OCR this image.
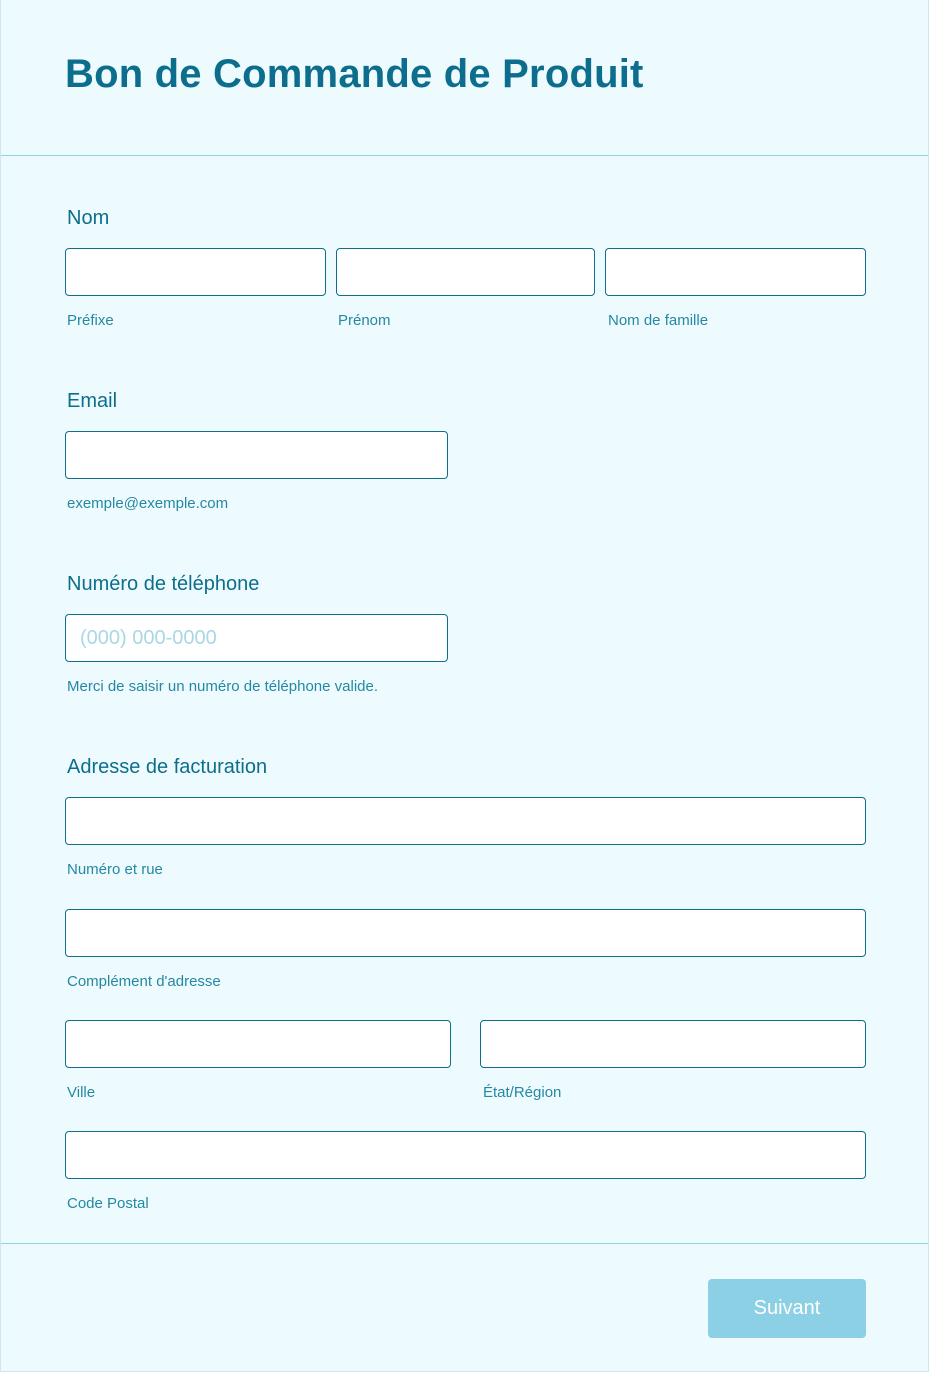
Bon de Commande de Produit

Nom

Préfixe	Prénom	Nom de famille

Email

exemple@exemple.com

Numéro de téléphone

(000) 000-0000

Merci de saisir un numéro de téléphone valide.

Adresse de facturation

Numéro et rue

Complément d'adresse

Ville	État/Région

Code Postal

Suivant
